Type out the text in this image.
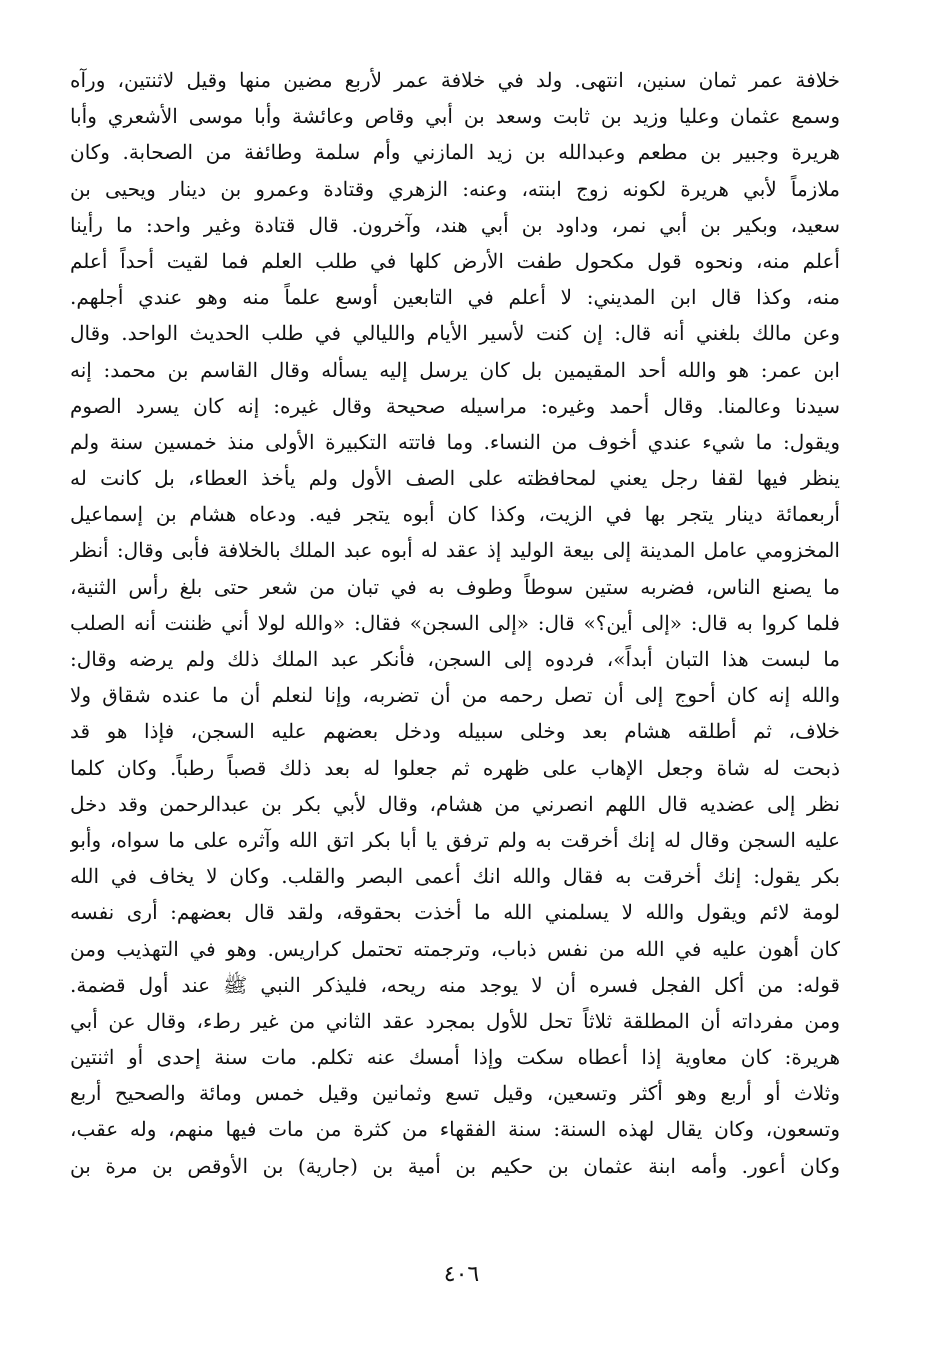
خلافة عمر ثمان سنين، انتهى. ولد في خلافة عمر لأربع مضين منها وقيل لاثنتين، ورآه
وسمع عثمان وعليا وزيد بن ثابت وسعد بن أبي وقاص وعائشة وأبا موسى الأشعري وأبا
هريرة وجبير بن مطعم وعبدالله بن زيد المازني وأم سلمة وطائفة من الصحابة. وكان
ملازماً لأبي هريرة لكونه زوج ابنته، وعنه: الزهري وقتادة وعمرو بن دينار ويحيى بن
سعيد، وبكير بن أبي نمر، وداود بن أبي هند، وآخرون. قال قتادة وغير واحد: ما رأينا
أعلم منه، ونحوه قول مكحول طفت الأرض كلها في طلب العلم فما لقيت أحداً أعلم
منه، وكذا قال ابن المديني: لا أعلم في التابعين أوسع علماً منه وهو عندي أجلهم.
وعن مالك بلغني أنه قال: إن كنت لأسير الأيام والليالي في طلب الحديث الواحد. وقال
ابن عمر: هو والله أحد المقيمين بل كان يرسل إليه يسأله وقال القاسم بن محمد: إنه
سيدنا وعالمنا. وقال أحمد وغيره: مراسيله صحيحة وقال غيره: إنه كان يسرد الصوم
ويقول: ما شيء عندي أخوف من النساء. وما فاتته التكبيرة الأولى منذ خمسين سنة ولم
ينظر فيها لقفا رجل يعني لمحافظته على الصف الأول ولم يأخذ العطاء، بل كانت له
أربعمائة دينار يتجر بها في الزيت، وكذا كان أبوه يتجر فيه. ودعاه هشام بن إسماعيل
المخزومي عامل المدينة إلى بيعة الوليد إذ عقد له أبوه عبد الملك بالخلافة فأبى وقال: أنظر
ما يصنع الناس، فضربه ستين سوطاً وطوف به في تبان من شعر حتى بلغ رأس الثنية،
فلما كروا به قال: «إلى أين؟» قال: «إلى السجن» فقال: «والله لولا أني ظننت أنه الصلب
ما لبست هذا التبان أبداً»، فردوه إلى السجن، فأنكر عبد الملك ذلك ولم يرضه وقال:
والله إنه كان أحوج إلى أن تصل رحمه من أن تضربه، وإنا لنعلم أن ما عنده شقاق ولا
خلاف، ثم أطلقه هشام بعد وخلى سبيله ودخل بعضهم عليه السجن، فإذا هو قد
ذبحت له شاة وجعل الإهاب على ظهره ثم جعلوا له بعد ذلك قصباً رطباً. وكان كلما
نظر إلى عضديه قال اللهم انصرني من هشام، وقال لأبي بكر بن عبدالرحمن وقد دخل
عليه السجن وقال له إنك أخرقت به ولم ترفق يا أبا بكر اتق الله وآثره على ما سواه، وأبو
بكر يقول: إنك أخرقت به فقال والله انك أعمى البصر والقلب. وكان لا يخاف في الله
لومة لائم ويقول والله لا يسلمني الله ما أخذت بحقوقه، ولقد قال بعضهم: أرى نفسه
كان أهون عليه في الله من نفس ذباب، وترجمته تحتمل كراريس. وهو في التهذيب ومن
قوله: من أكل الفجل فسره أن لا يوجد منه ريحه، فليذكر النبي ﷺ عند أول قضمة.
ومن مفرداته أن المطلقة ثلاثاً تحل للأول بمجرد عقد الثاني من غير رطء، وقال عن أبي
هريرة: كان معاوية إذا أعطاه سكت وإذا أمسك عنه تكلم. مات سنة إحدى أو اثنتين
وثلاث أو أربع وهو أكثر وتسعين، وقيل تسع وثمانين وقيل خمس ومائة والصحيح أربع
وتسعون، وكان يقال لهذه السنة: سنة الفقهاء من كثرة من مات فيها منهم، وله عقب،
وكان أعور. وأمه ابنة عثمان بن حكيم بن أمية بن (جارية) بن الأوقص بن مرة بن
٤٠٦
